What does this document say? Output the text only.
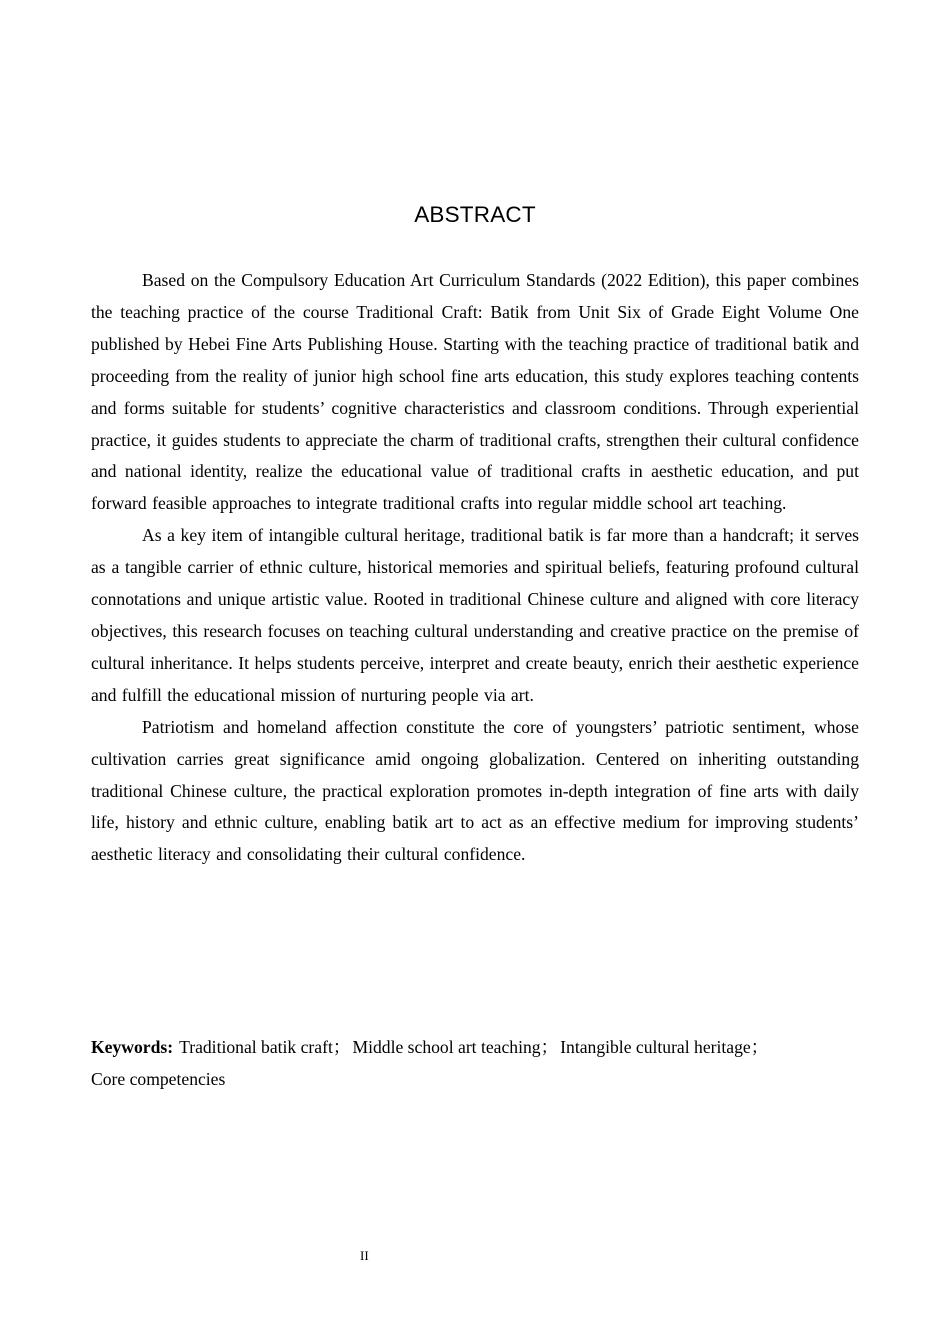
ABSTRACT

Based on the Compulsory Education Art Curriculum Standards (2022 Edition), this paper combines the teaching practice of the course Traditional Craft: Batik from Unit Six of Grade Eight Volume One published by Hebei Fine Arts Publishing House. Starting with the teaching practice of traditional batik and proceeding from the reality of junior high school fine arts education, this study explores teaching contents and forms suitable for students’ cognitive characteristics and classroom conditions. Through experiential practice, it guides students to appreciate the charm of traditional crafts, strengthen their cultural confidence and national identity, realize the educational value of traditional crafts in aesthetic education, and put forward feasible approaches to integrate traditional crafts into regular middle school art teaching.

As a key item of intangible cultural heritage, traditional batik is far more than a handcraft; it serves as a tangible carrier of ethnic culture, historical memories and spiritual beliefs, featuring profound cultural connotations and unique artistic value. Rooted in traditional Chinese culture and aligned with core literacy objectives, this research focuses on teaching cultural understanding and creative practice on the premise of cultural inheritance. It helps students perceive, interpret and create beauty, enrich their aesthetic experience and fulfill the educational mission of nurturing people via art.

Patriotism and homeland affection constitute the core of youngsters’ patriotic sentiment, whose cultivation carries great significance amid ongoing globalization. Centered on inheriting outstanding traditional Chinese culture, the practical exploration promotes in-depth integration of fine arts with daily life, history and ethnic culture, enabling batik art to act as an effective medium for improving students’ aesthetic literacy and consolidating their cultural confidence.

Keywords: Traditional batik craft； Middle school art teaching； Intangible cultural heritage；
Core competencies
II
